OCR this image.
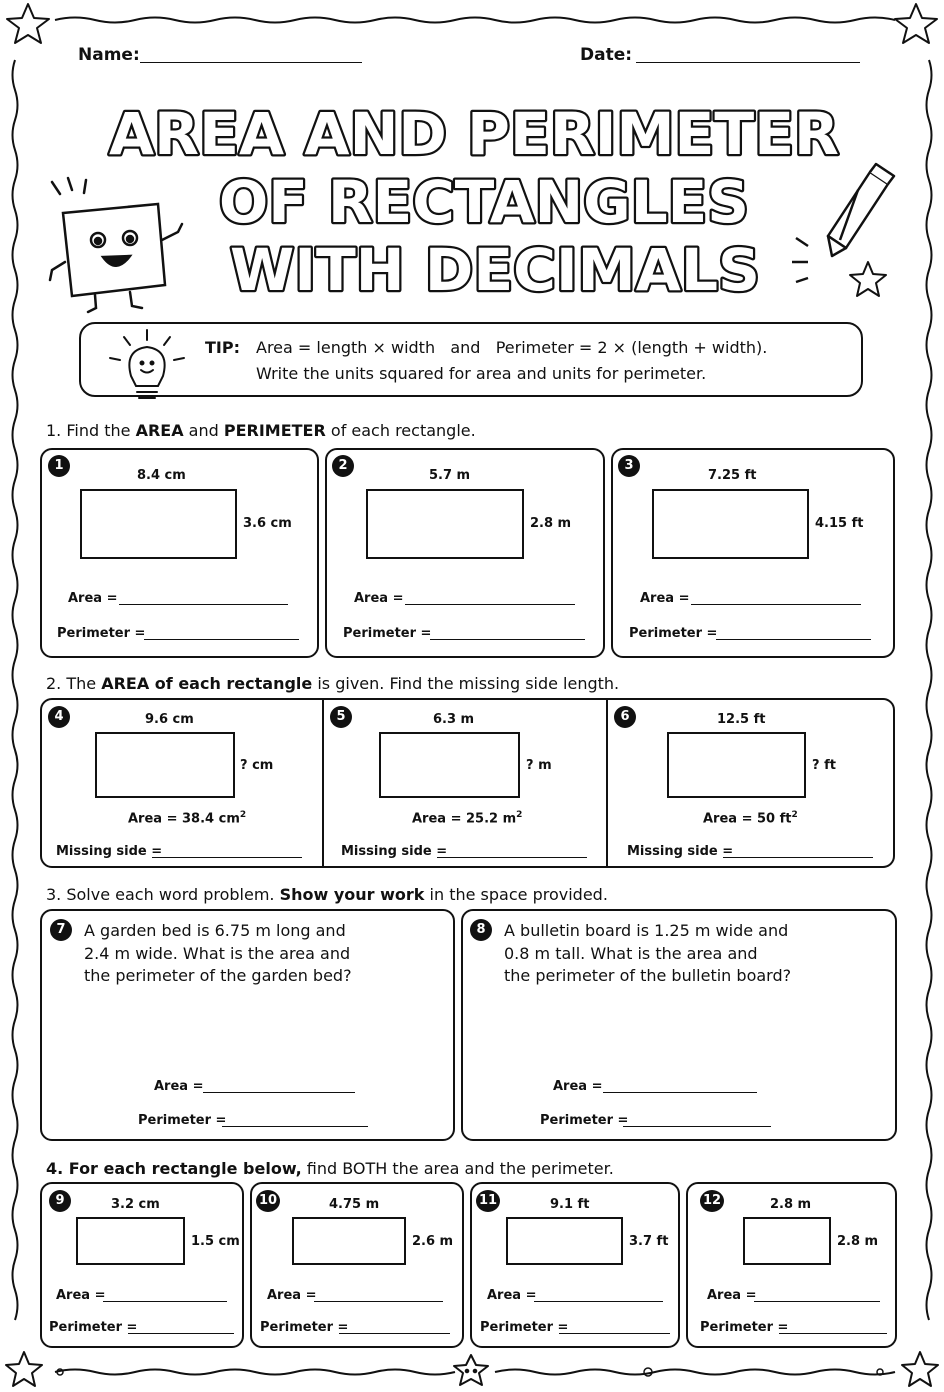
Name:	Date:
AREA AND PERIMETER
OF RECTANGLES
WITH DECIMALS
TIP: Area = length × width   and   Perimeter = 2 × (length + width).
Write the units squared for area and units for perimeter.
1. Find the AREA and PERIMETER of each rectangle.
1
8.4 cm
3.6 cm
Area =
Perimeter =
2
5.7 m
2.8 m
Area =
Perimeter =
3
7.25 ft
4.15 ft
Area =
Perimeter =
2. The AREA of each rectangle is given. Find the missing side length.
4	9.6 cm
? cm
Area = 38.4 $cm^2$
Missing side =
5	6.3 m
? m
Area = 25.2 $m^2$
Missing side =
6	12.5 ft
? ft
Area = 50 $ft^2$
Missing side =
3. Solve each word problem. Show your work in the space provided.
7	A garden bed is 6.75 m long and
2.4 m wide. What is the area and
the perimeter of the garden bed?
Area =
Perimeter =
8	A bulletin board is 1.25 m wide and
0.8 m tall. What is the area and
the perimeter of the bulletin board?
Area =
Perimeter =
4. For each rectangle below, find BOTH the area and the perimeter.
9	3.2 cm
1.5 cm
Area =
Perimeter =
10	4.75 m
2.6 m
Area =
Perimeter =
11	9.1 ft
3.7 ft
Area =
Perimeter =
12	2.8 m
2.8 m
Area =
Perimeter =
